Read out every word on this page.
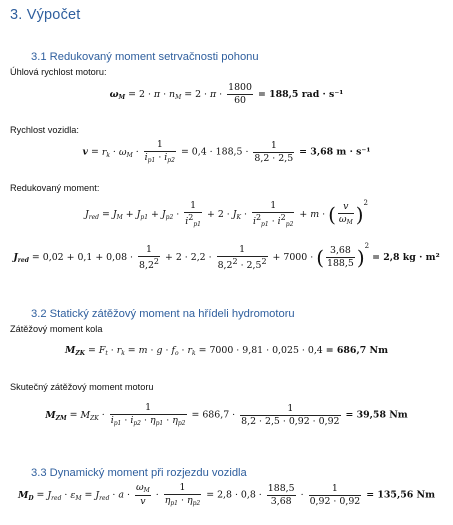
3. Výpočet
3.1 Redukovaný moment setrvačnosti pohonu
Úhlová rychlost motoru:
$\omega_M = 2 \cdot \pi \cdot n_M = 2 \cdot \pi \cdot \frac{1800}{60} = 188,5$ rad · s⁻¹
Rychlost vozidla:
$v = r_k \cdot \omega_M \cdot \frac{1}{i_{p1} \cdot i_{p2}} = 0,4 \cdot 188,5 \cdot \frac{1}{8,2 \cdot 2,5} = 3,68$ m · s⁻¹
Redukovaný moment:
$J_{red} = J_M + J_{p1} + J_{p2} \cdot \frac{1}{i^2_{p1}} + 2 \cdot J_K \cdot \frac{1}{i^2_{p1} \cdot i^2_{p2}} + m$ · ( $\frac{v}{\omega_M} )^2$
$J_{red} = 0,02 + 0,1 + 0,08 \cdot \frac{1}{8,2^2} + 2 \cdot 2,2 \cdot \frac{1}{8,2^2 \cdot 2,5^2} + 7000$ · ( $\frac{3,68}{188,5} )^2 = 2,8$ kg · m²
3.2 Statický zátěžový moment na hřídeli hydromotoru
Zátěžový moment kola
$M_{ZK} = F_t \cdot r_k = m \cdot g \cdot f_o \cdot r_k = 7000 \cdot 9,81 \cdot 0,025 \cdot 0,4 = 686,7$ Nm
Skutečný zátěžový moment motoru
$M_{ZM} = M_{ZK} \cdot \frac{1}{i_{p1} \cdot i_{p2} \cdot \eta_{p1} \cdot \eta_{p2}} = 686,7 \cdot \frac{1}{8,2 \cdot 2,5 \cdot 0,92 \cdot 0,92} = 39,58$ Nm
3.3 Dynamický moment při rozjezdu vozidla
$M_D = J_{red} \cdot \varepsilon_M = J_{red} \cdot a \cdot \frac{\omega_M}{v} \cdot \frac{1}{\eta_{p1} \cdot \eta_{p2}} = 2,8 \cdot 0,8 \cdot \frac{188,5}{3,68} \cdot \frac{1}{0,92 \cdot 0,92} = 135,56$ Nm
